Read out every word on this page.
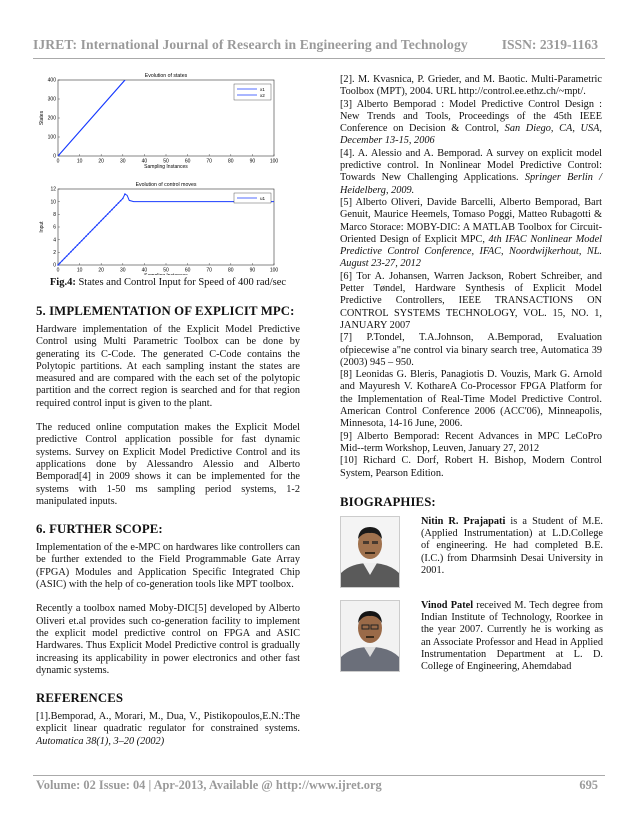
IJRET: International Journal of Research in Engineering and Technology ISSN: 2319-1163
Evolution of states
0	10	20	30	40	50	60	70	80	90	100
0
100
200
300
400
Sampling Instances
States
x1
x2
Evolution of control moves
0	10	20	30	40	50	60	70	80	90	100
0
2
4
6
8
10
12
Input
u1
Fig.4: States and Control Input for Speed of 400 rad/sec
5. IMPLEMENTATION OF EXPLICIT MPC:

Hardware implementation of the Explicit Model Predictive Control using Multi Parametric Toolbox can be done by generating its C-Code. The generated C-Code contains the Polytopic partitions. At each sampling instant the states are measured and are compared with the each set of the polytopic partition and the correct region is searched and for that region required control input is given to the plant.

The reduced online computation makes the Explicit Model predictive Control application possible for fast dynamic systems. Survey on Explicit Model Predictive Control and its applications done by Alessandro Alessio and Alberto Bemporad[4] in 2009 shows it can be implemented for the systems with 1-50 ms sampling period systems, 1-2 manipulated inputs.

6. FURTHER SCOPE:

Implementation of the e-MPC on hardwares like controllers can be further extended to the Field Programmable Gate Array (FPGA) Modules and Application Specific Integrated Chip (ASIC) with the help of co-generation tools like MPT toolbox.

Recently a toolbox named Moby-DIC[5] developed by Alberto Oliveri et.al provides such co-generation facility to implement the explicit model predictive control on FPGA and ASIC Hardwares. Thus Explicit Model Predictive control is gradually increasing its applicability in power electronics and other fast dynamic systems.

REFERENCES

[1].Bemporad, A., Morari, M., Dua, V., Pistikopoulos,E.N.:The explicit linear quadratic regulator for constrained systems. Automatica 38(1), 3–20 (2002)

[2]. M. Kvasnica, P. Grieder, and M. Baotic. Multi-Parametric Toolbox (MPT), 2004. URL http://control.ee.ethz.ch/~mpt/.

[3] Alberto Bemporad : Model Predictive Control Design : New Trends and Tools, Proceedings of the 45th IEEE Conference on Decision & Control, San Diego, CA, USA, December 13-15, 2006

[4]. A. Alessio and A. Bemporad. A survey on explicit model predictive control. In Nonlinear Model Predictive Control: Towards New Challenging Applications. Springer Berlin / Heidelberg, 2009.

[5] Alberto Oliveri, Davide Barcelli, Alberto Bemporad, Bart Genuit, Maurice Heemels, Tomaso Poggi, Matteo Rubagotti & Marco Storace: MOBY-DIC: A MATLAB Toolbox for Circuit-Oriented Design of Explicit MPC, 4th IFAC Nonlinear Model Predictive Control Conference, IFAC, Noordwijkerhout, NL. August 23-27, 2012

[6] Tor A. Johansen, Warren Jackson, Robert Schreiber, and Petter Tøndel, Hardware Synthesis of Explicit Model Predictive Controllers, IEEE TRANSACTIONS ON CONTROL SYSTEMS TECHNOLOGY, VOL. 15, NO. 1, JANUARY 2007

[7] P.Tondel, T.A.Johnson, A.Bemporad, Evaluation ofpiecewise a"ne control via binary search tree, Automatica 39 (2003) 945 – 950.

[8] Leonidas G. Bleris, Panagiotis D. Vouzis, Mark G. Arnold and Mayuresh V. KothareA Co-Processor FPGA Platform for the Implementation of Real-Time Model Predictive Control. American Control Conference 2006 (ACC'06), Minneapolis, Minnesota, 14-16 June, 2006.

[9] Alberto Bemporad: Recent Advances in MPC LeCoPro Mid--term Workshop, Leuven, January 27, 2012

[10] Richard C. Dorf, Robert H. Bishop, Modern Control System, Pearson Edition.

BIOGRAPHIES:
Nitin R. Prajapati is a Student of M.E. (Applied Instrumentation) at L.D.College of engineering. He had completed B.E. (I.C.) from Dharmsinh Desai University in 2001.
Vinod Patel received M. Tech degree from Indian Institute of Technology, Roorkee in the year 2007. Currently he is working as an Associate Professor and Head in Applied Instrumentation Department at L. D. College of Engineering, Ahemdabad
Volume: 02 Issue: 04 | Apr-2013, Available @ http://www.ijret.org	695
